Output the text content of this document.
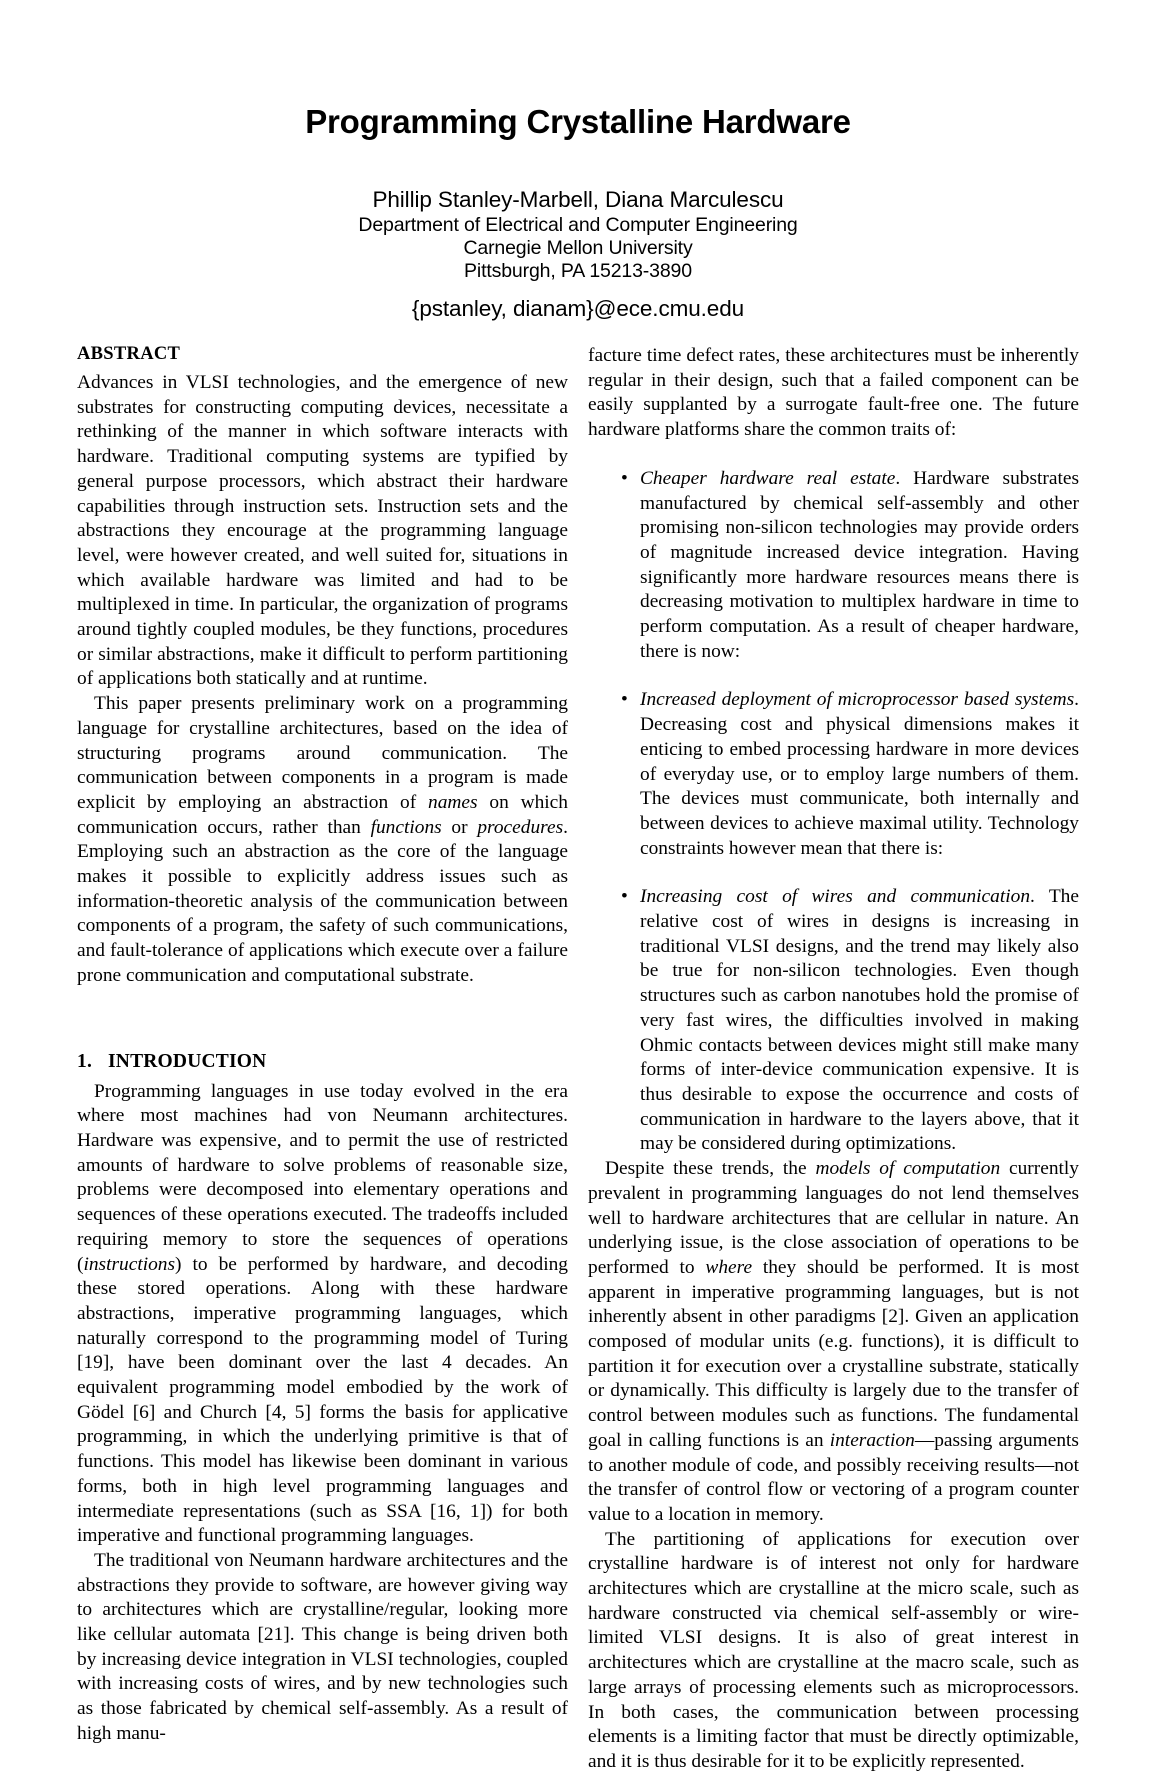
Programming Crystalline Hardware
Phillip Stanley-Marbell, Diana Marculescu
Department of Electrical and Computer Engineering
Carnegie Mellon University
Pittsburgh, PA 15213-3890
{pstanley, dianam}@ece.cmu.edu
ABSTRACT

Advances in VLSI technologies, and the emergence of new substrates for constructing computing devices, necessitate a rethinking of the manner in which software interacts with hardware. Traditional computing systems are typified by general purpose processors, which abstract their hardware capabilities through instruction sets. Instruction sets and the abstractions they encourage at the programming language level, were however created, and well suited for, situations in which available hardware was limited and had to be multiplexed in time. In particular, the organization of programs around tightly coupled modules, be they functions, procedures or similar abstractions, make it difficult to perform partitioning of applications both statically and at runtime.

This paper presents preliminary work on a programming language for crystalline architectures, based on the idea of structuring programs around communication. The communication between components in a program is made explicit by employing an abstraction of names on which communication occurs, rather than functions or procedures. Employing such an abstraction as the core of the language makes it possible to explicitly address issues such as information-theoretic analysis of the communication between components of a program, the safety of such communications, and fault-tolerance of applications which execute over a failure prone communication and computational substrate.

1. INTRODUCTION

Programming languages in use today evolved in the era where most machines had von Neumann architectures. Hardware was expensive, and to permit the use of restricted amounts of hardware to solve problems of reasonable size, problems were decomposed into elementary operations and sequences of these operations executed. The tradeoffs included requiring memory to store the sequences of operations (instructions) to be performed by hardware, and decoding these stored operations. Along with these hardware abstractions, imperative programming languages, which naturally correspond to the programming model of Turing [19], have been dominant over the last 4 decades. An equivalent programming model embodied by the work of Gödel [6] and Church [4, 5] forms the basis for applicative programming, in which the underlying primitive is that of functions. This model has likewise been dominant in various forms, both in high level programming languages and intermediate representations (such as SSA [16, 1]) for both imperative and functional programming languages.

The traditional von Neumann hardware architectures and the abstractions they provide to software, are however giving way to architectures which are crystalline/regular, looking more like cellular automata [21]. This change is being driven both by increasing device integration in VLSI technologies, coupled with increasing costs of wires, and by new technologies such as those fabricated by chemical self-assembly. As a result of high manu-

facture time defect rates, these architectures must be inherently regular in their design, such that a failed component can be easily supplanted by a surrogate fault-free one. The future hardware platforms share the common traits of:

• Cheaper hardware real estate. Hardware substrates manufactured by chemical self-assembly and other promising non-silicon technologies may provide orders of magnitude increased device integration. Having significantly more hardware resources means there is decreasing motivation to multiplex hardware in time to perform computation. As a result of cheaper hardware, there is now:
• Increased deployment of microprocessor based systems. Decreasing cost and physical dimensions makes it enticing to embed processing hardware in more devices of everyday use, or to employ large numbers of them. The devices must communicate, both internally and between devices to achieve maximal utility. Technology constraints however mean that there is:
• Increasing cost of wires and communication. The relative cost of wires in designs is increasing in traditional VLSI designs, and the trend may likely also be true for non-silicon technologies. Even though structures such as carbon nanotubes hold the promise of very fast wires, the difficulties involved in making Ohmic contacts between devices might still make many forms of inter-device communication expensive. It is thus desirable to expose the occurrence and costs of communication in hardware to the layers above, that it may be considered during optimizations.

Despite these trends, the models of computation currently prevalent in programming languages do not lend themselves well to hardware architectures that are cellular in nature. An underlying issue, is the close association of operations to be performed to where they should be performed. It is most apparent in imperative programming languages, but is not inherently absent in other paradigms [2]. Given an application composed of modular units (e.g. functions), it is difficult to partition it for execution over a crystalline substrate, statically or dynamically. This difficulty is largely due to the transfer of control between modules such as functions. The fundamental goal in calling functions is an interaction—passing arguments to another module of code, and possibly receiving results—not the transfer of control flow or vectoring of a program counter value to a location in memory.

The partitioning of applications for execution over crystalline hardware is of interest not only for hardware architectures which are crystalline at the micro scale, such as hardware constructed via chemical self-assembly or wire-limited VLSI designs. It is also of great interest in architectures which are crystalline at the macro scale, such as large arrays of processing elements such as microprocessors. In both cases, the communication between processing elements is a limiting factor that must be directly optimizable, and it is thus desirable for it to be explicitly represented.
